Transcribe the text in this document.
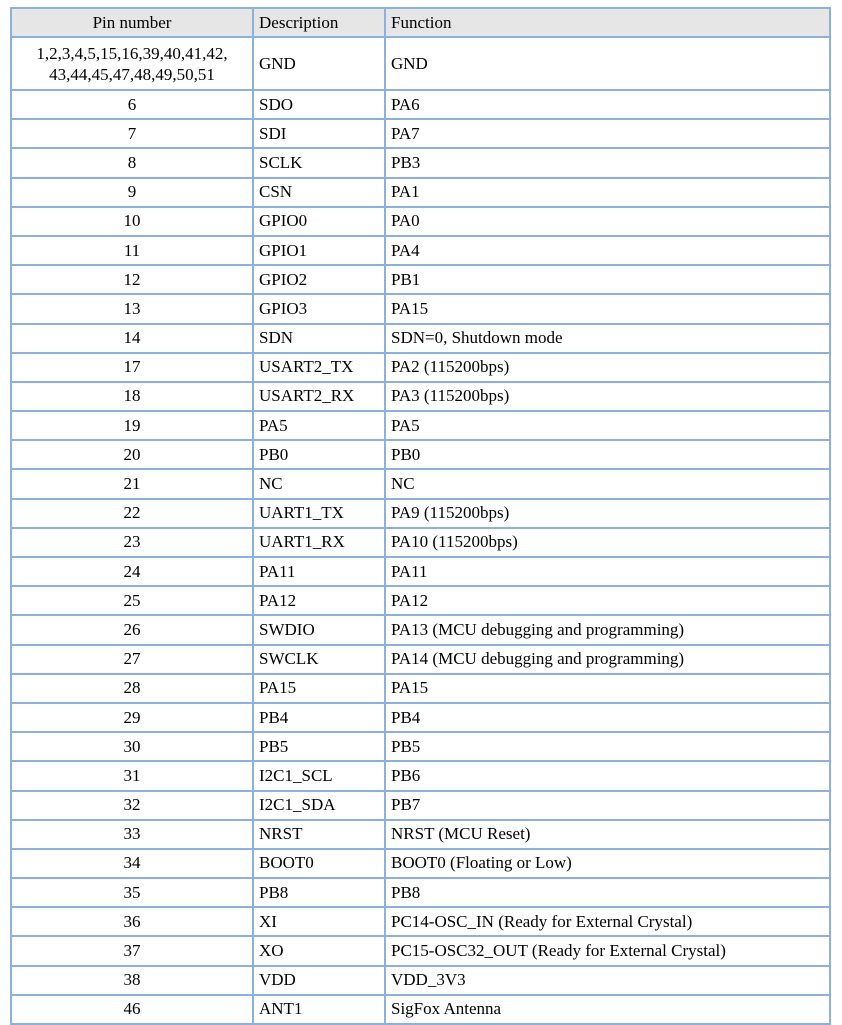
Pin number	Description	Function

1,2,3,4,5,15,16,39,40,41,42, 43,44,45,47,48,49,50,51	GND	GND
6	SDO	PA6
7	SDI	PA7
8	SCLK	PB3
9	CSN	PA1
10	GPIO0	PA0
11	GPIO1	PA4
12	GPIO2	PB1
13	GPIO3	PA15
14	SDN	SDN=0, Shutdown mode
17	USART2_TX	PA2 (115200bps)
18	USART2_RX	PA3 (115200bps)
19	PA5	PA5
20	PB0	PB0
21	NC	NC
22	UART1_TX	PA9 (115200bps)
23	UART1_RX	PA10 (115200bps)
24	PA11	PA11
25	PA12	PA12
26	SWDIO	PA13 (MCU debugging and programming)
27	SWCLK	PA14 (MCU debugging and programming)
28	PA15	PA15
29	PB4	PB4
30	PB5	PB5
31	I2C1_SCL	PB6
32	I2C1_SDA	PB7
33	NRST	NRST (MCU Reset)
34	BOOT0	BOOT0 (Floating or Low)
35	PB8	PB8
36	XI	PC14-OSC_IN (Ready for External Crystal)
37	XO	PC15-OSC32_OUT (Ready for External Crystal)
38	VDD	VDD_3V3
46	ANT1	SigFox Antenna
